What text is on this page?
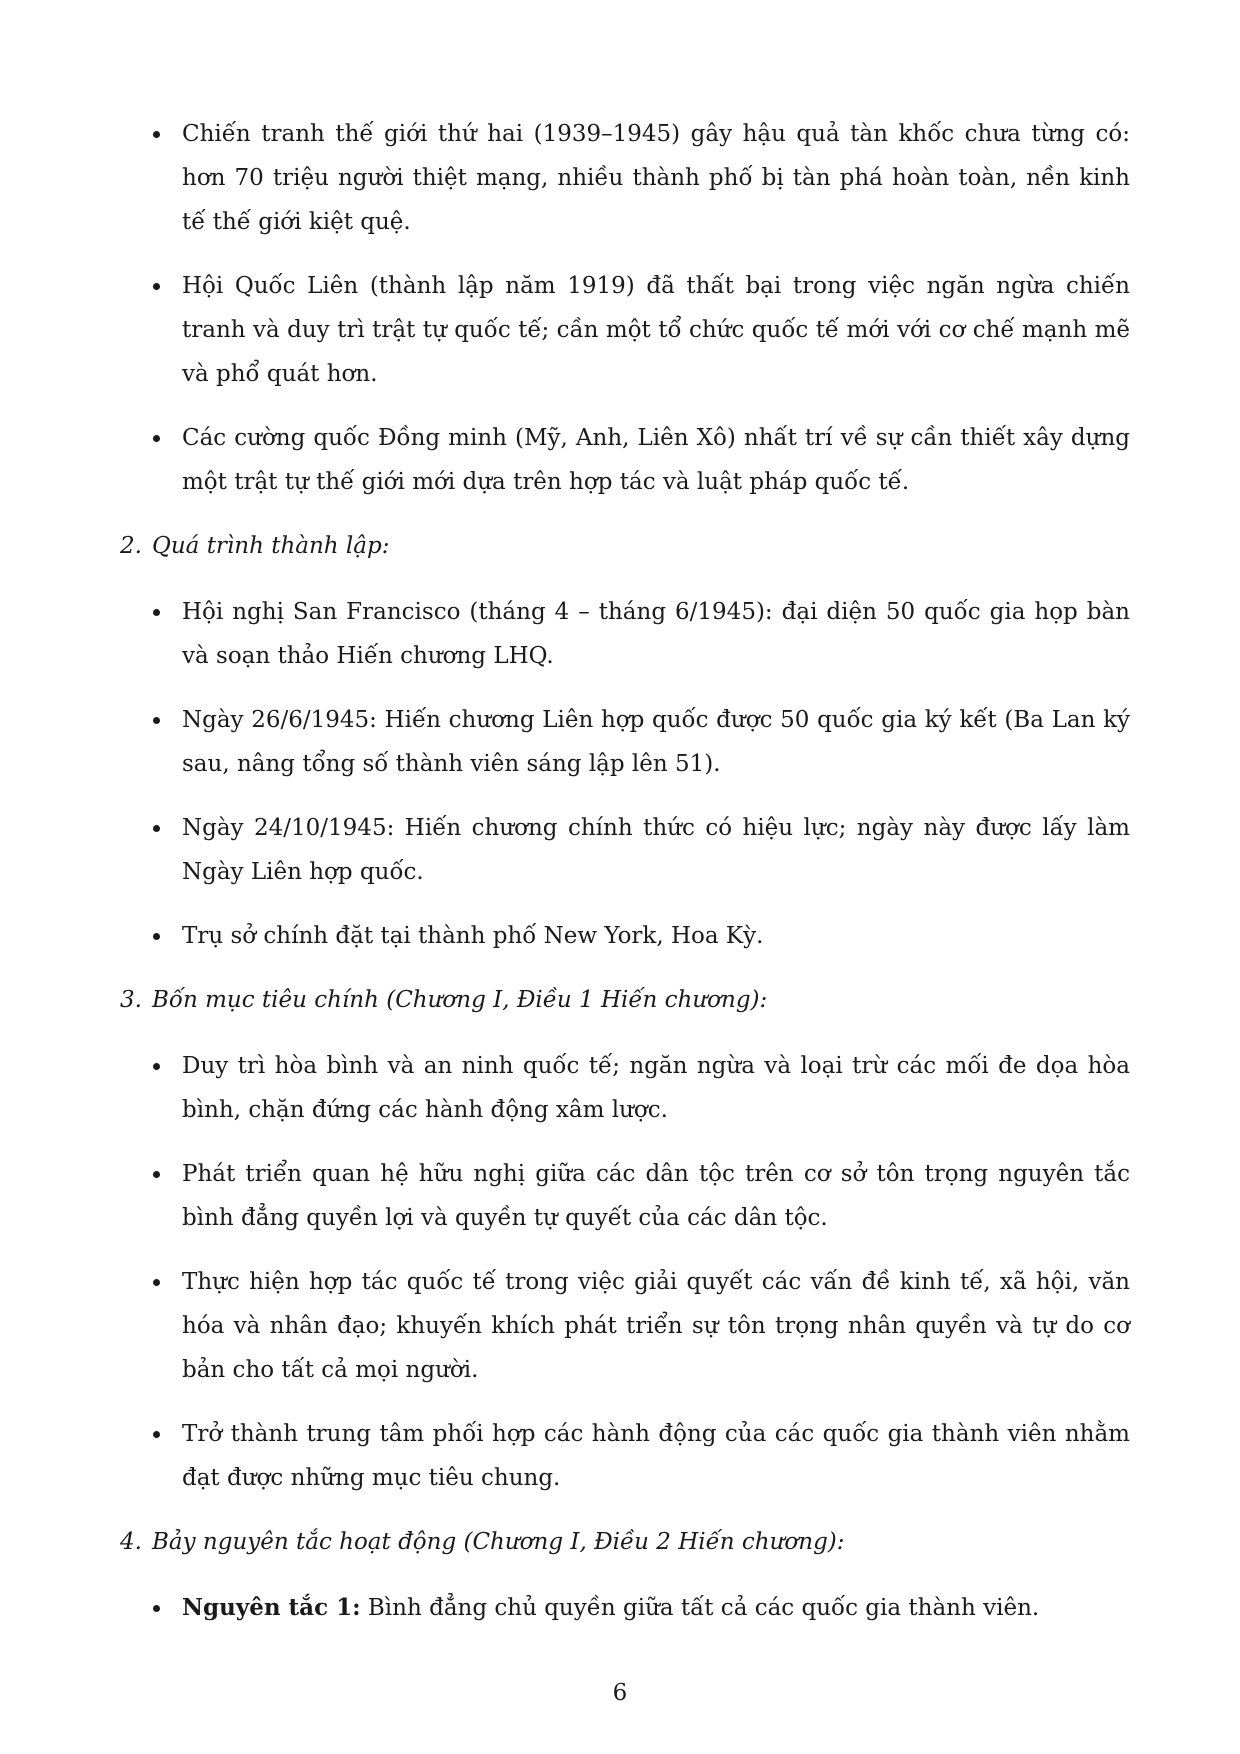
Chiến tranh thế giới thứ hai (1939–1945) gây hậu quả tàn khốc chưa từng có: hơn 70 triệu người thiệt mạng, nhiều thành phố bị tàn phá hoàn toàn, nền kinh tế thế giới kiệt quệ.
Hội Quốc Liên (thành lập năm 1919) đã thất bại trong việc ngăn ngừa chiến tranh và duy trì trật tự quốc tế; cần một tổ chức quốc tế mới với cơ chế mạnh mẽ và phổ quát hơn.
Các cường quốc Đồng minh (Mỹ, Anh, Liên Xô) nhất trí về sự cần thiết xây dựng một trật tự thế giới mới dựa trên hợp tác và luật pháp quốc tế.
2. Quá trình thành lập:
Hội nghị San Francisco (tháng 4 – tháng 6/1945): đại diện 50 quốc gia họp bàn và soạn thảo Hiến chương LHQ.
Ngày 26/6/1945: Hiến chương Liên hợp quốc được 50 quốc gia ký kết (Ba Lan ký sau, nâng tổng số thành viên sáng lập lên 51).
Ngày 24/10/1945: Hiến chương chính thức có hiệu lực; ngày này được lấy làm Ngày Liên hợp quốc.
Trụ sở chính đặt tại thành phố New York, Hoa Kỳ.
3. Bốn mục tiêu chính (Chương I, Điều 1 Hiến chương):
Duy trì hòa bình và an ninh quốc tế; ngăn ngừa và loại trừ các mối đe dọa hòa bình, chặn đứng các hành động xâm lược.
Phát triển quan hệ hữu nghị giữa các dân tộc trên cơ sở tôn trọng nguyên tắc bình đẳng quyền lợi và quyền tự quyết của các dân tộc.
Thực hiện hợp tác quốc tế trong việc giải quyết các vấn đề kinh tế, xã hội, văn hóa và nhân đạo; khuyến khích phát triển sự tôn trọng nhân quyền và tự do cơ bản cho tất cả mọi người.
Trở thành trung tâm phối hợp các hành động của các quốc gia thành viên nhằm đạt được những mục tiêu chung.
4. Bảy nguyên tắc hoạt động (Chương I, Điều 2 Hiến chương):
Nguyên tắc 1: Bình đẳng chủ quyền giữa tất cả các quốc gia thành viên.
6
